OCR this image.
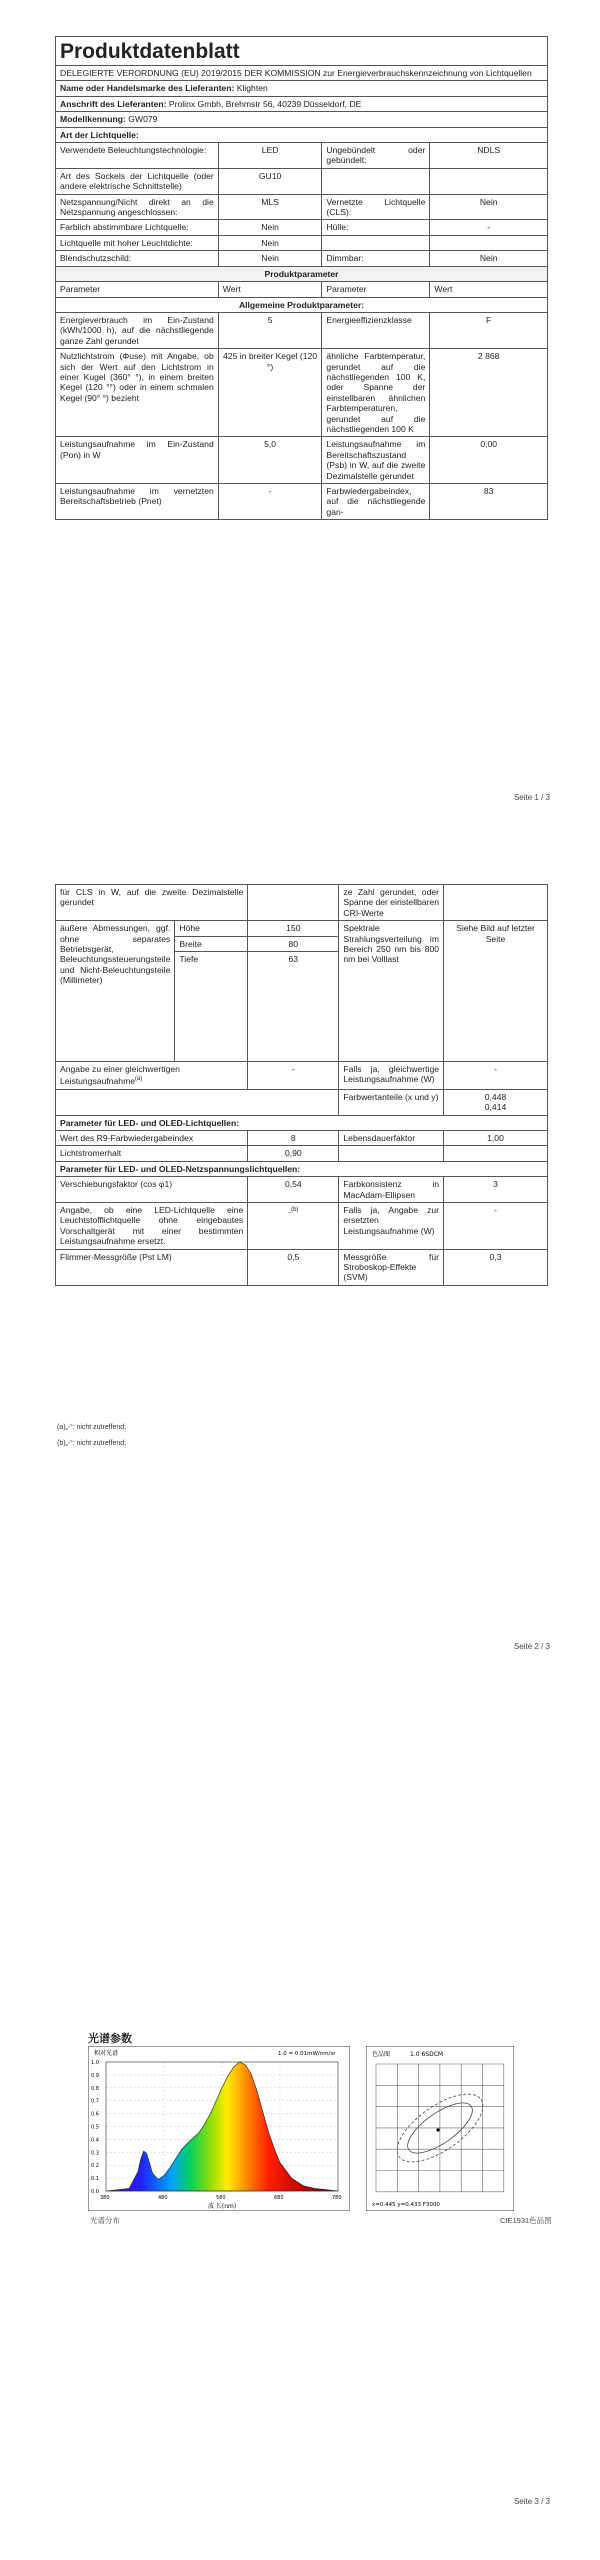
Produktdatenblatt			
DELEGIERTE VERORDNUNG (EU) 2019/2015 DER KOMMISSION zur Energieverbrauchskennzeichnung von Lichtquellen			
Name oder Handelsmarke des Lieferanten: Klighten			
Anschrift des Lieferanten: Prolinx Gmbh, Brehmstr 56, 40239 Düsseldorf, DE			
Modellkennung: GW079			
Art der Lichtquelle:			
Verwendete Beleuchtungstechnologie:	LED	Ungebündelt oder gebündelt:	NDLS
Art des Sockels der Lichtquelle (oder andere elektrische Schnittstelle)	GU10		
Netzspannung/Nicht direkt an die Netzspannung angeschlossen:	MLS	Vernetzte Lichtquelle (CLS):	Nein
Farblich abstimmbare Lichtquelle:	Nein	Hülle:	-
Lichtquelle mit hoher Leuchtdichte:	Nein		
Blendschutzschild:	Nein	Dimmbar:	Nein
Produktparameter			
Parameter	Wert	Parameter	Wert
Allgemeine Produktparameter:			
Energieverbrauch im Ein-Zustand (kWh/1000 h), auf die nächstliegende ganze Zahl gerundet	5	Energieeffizienzklasse	F
Nutzlichtstrom (Φuse) mit Angabe, ob sich der Wert auf den Lichtstrom in einer Kugel (360° °), in einem breiten Kegel (120 °°) oder in einem schmalen Kegel (90° °) bezieht	425 in breiter Kegel (120 °)	ähnliche Farbtemperatur, gerundet auf die nächstliegenden 100 K, oder Spanne der einstellbaren ähnlichen Farbtemperaturen, gerundet auf die nächstliegenden 100 K	2 868
Leistungsaufnahme im Ein-Zustand (Pon) in W	5,0	Leistungsaufnahme im Bereitschaftszustand (Psb) in W, auf die zweite Dezimalstelle gerundet	0,00
Leistungsaufnahme im vernetzten Bereitschaftsbetrieb (Pnet)	-	Farbwiedergabeindex, auf die nächstliegende gan-	83
Seite 1 / 3
für CLS in W, auf die zweite Dezimalstelle gerundet			ze Zahl gerundet, oder Spanne der einstellbaren CRI-Werte	
äußere Abmessungen, ggf. ohne separates Betriebsgerät, Beleuchtungssteuerungsteile und Nicht-Beleuchtungsteile (Millimeter)	Höhe	150	Spektrale Strahlungsverteilung im Bereich 250 nm bis 800 nm bei Volllast	Siehe Bild auf letzter Seite
	Breite	80		
	Tiefe	63		
Angabe zu einer gleichwertigen Leistungsaufnahme$^{(a)}$		-	Falls ja, gleichwertige Leistungsaufnahme (W)	-
			Farbwertanteile (x und y)	0,448
0,414

Parameter für LED- und OLED-Lichtquellen:				
Wert des R9-Farbwiedergabeindex		8	Lebensdauerfaktor	1,00
Lichtstromerhalt		0,90		
Parameter für LED- und OLED-Netzspannungslichtquellen:				
Verschiebungsfaktor (cos φ1)		0,54	Farbkonsistenz in MacAdam-Ellipsen	3
Angabe, ob eine LED-Lichtquelle eine Leuchtstofflichtquelle ohne eingebautes Vorschaltgerät mit einer bestimmten Leistungsaufnahme ersetzt.		-$^{(b)}$	Falls ja, Angabe zur ersetzten Leistungsaufnahme (W)	-
Flimmer-Messgröße (Pst LM)		0,5	Messgröße für Stroboskop-Effekte (SVM)	0,3
(a)„-“: nicht zutreffend;
(b)„-“: nicht zutreffend;
Seite 2 / 3
光谱参数
0.0
0.1
0.2
0.3
0.4
0.5
0.6
0.7
0.8
0.9
1.0
380	480	580	680	780
相对光谱	1.0 = 0.01mW/nm/sr
波 长(nm)
色品图	1.0 6SDCM
x=0.445 y=0.433 F3000
光谱分布	CIE1931色品图
Seite 3 / 3
